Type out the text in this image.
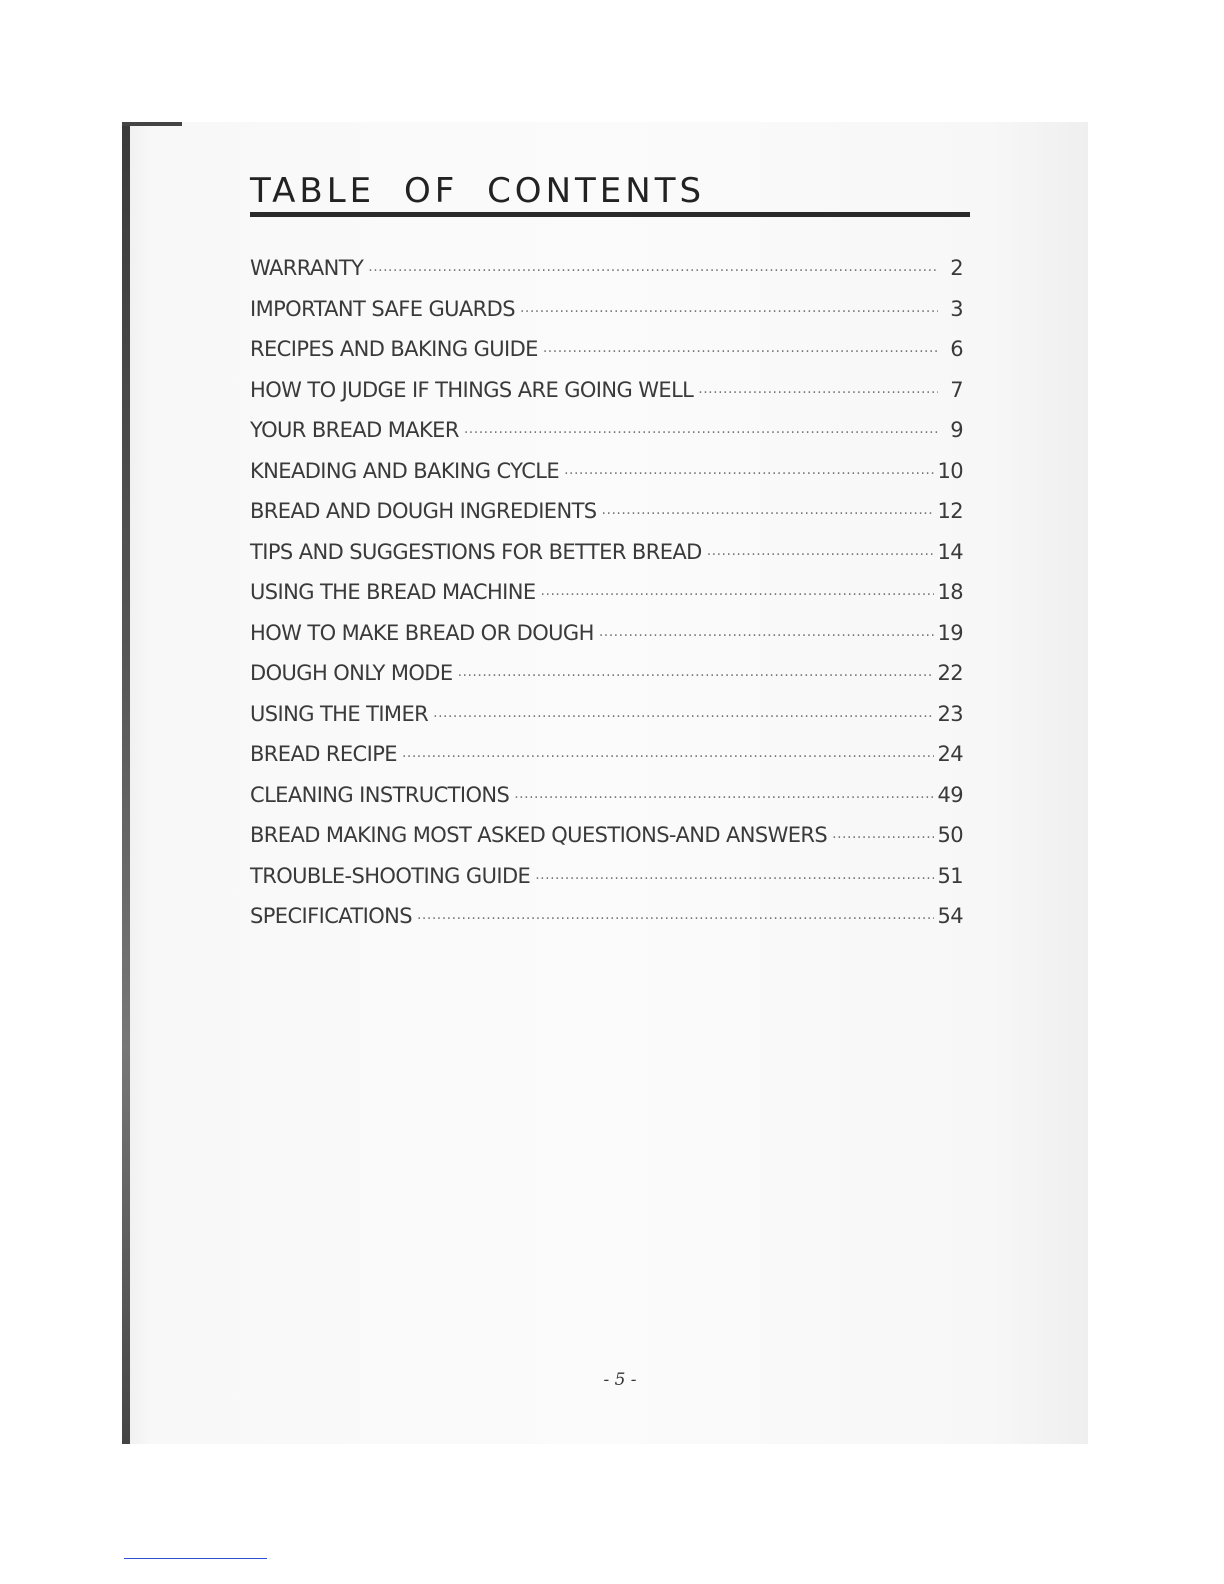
TABLE OF CONTENTS
WARRANTY ·····	2
IMPORTANT SAFE GUARDS ·····	3
RECIPES AND BAKING GUIDE ·····	6
HOW TO JUDGE IF THINGS ARE GOING WELL ·····	7
YOUR BREAD MAKER ·····	9
KNEADING AND BAKING CYCLE ·····	10
BREAD AND DOUGH INGREDIENTS ·····	12
TIPS AND SUGGESTIONS FOR BETTER BREAD ·····	14
USING THE BREAD MACHINE ·····	18
HOW TO MAKE BREAD OR DOUGH ·····	19
DOUGH ONLY MODE ·····	22
USING THE TIMER ·····	23
BREAD RECIPE ·····	24
CLEANING INSTRUCTIONS ·····	49
BREAD MAKING MOST ASKED QUESTIONS-AND ANSWERS ·····	50
TROUBLE-SHOOTING GUIDE ·····	51
SPECIFICATIONS ·····	54
- 5 -
